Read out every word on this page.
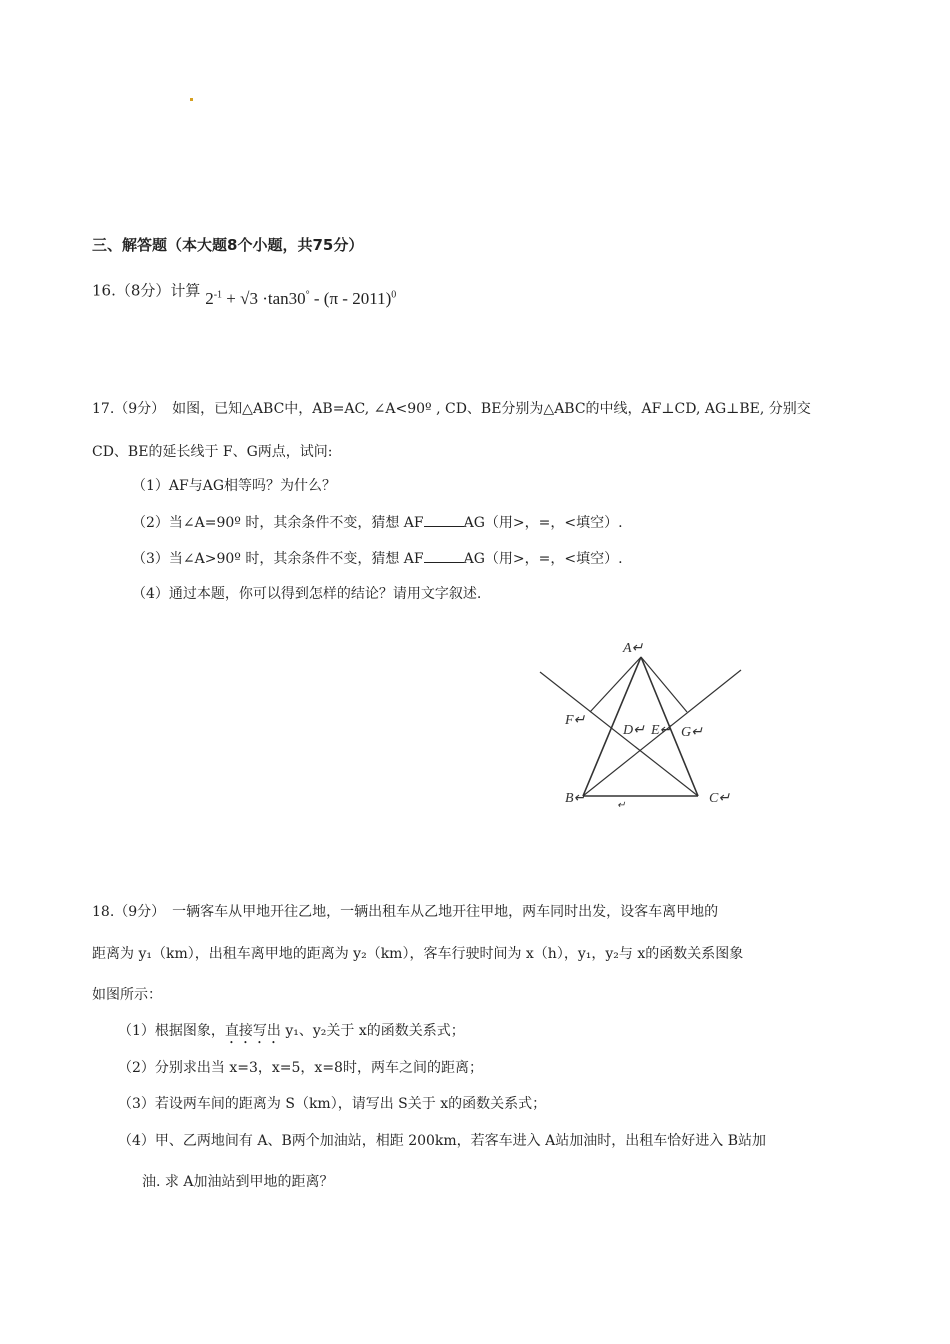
三、解答题（本大题8个小题，共75分）
16.（8分）计算 $2^{-1} + √3 \cdot\tan 30^\circ - (\pi - 2011)^0$
17.（9分）　如图，已知△ABC中，AB=AC, ∠A<90º , CD、BE分别为△ABC的中线，AF⊥CD, AG⊥BE, 分别交
CD、BE的延长线于 F、G两点，试问:
（1）AF与AG相等吗？为什么？
（2）当∠A=90º 时，其余条件不变，猜想 AF	AG（用>，=，<填空）.
（3）当∠A>90º 时，其余条件不变，猜想 AF	AG（用>，=，<填空）.
（4）通过本题，你可以得到怎样的结论？请用文字叙述.
A↵
B↵	C↵
D↵ E↵
F↵
G↵
↵
18.（9分）　一辆客车从甲地开往乙地，一辆出租车从乙地开往甲地，两车同时出发，设客车离甲地的
距离为 y₁（km），出租车离甲地的距离为 y₂（km），客车行驶时间为 x（h），y₁，y₂与 x的函数关系图象
如图所示：
（1）根据图象，直接写出 y₁、y₂关于 x的函数关系式；
（2）分别求出当 x=3，x=5，x=8时，两车之间的距离；
（3）若设两车间的距离为 S（km），请写出 S关于 x的函数关系式；
（4）甲、乙两地间有 A、B两个加油站，相距 200km，若客车进入 A站加油时，出租车恰好进入 B站加
油. 求 A加油站到甲地的距离？
